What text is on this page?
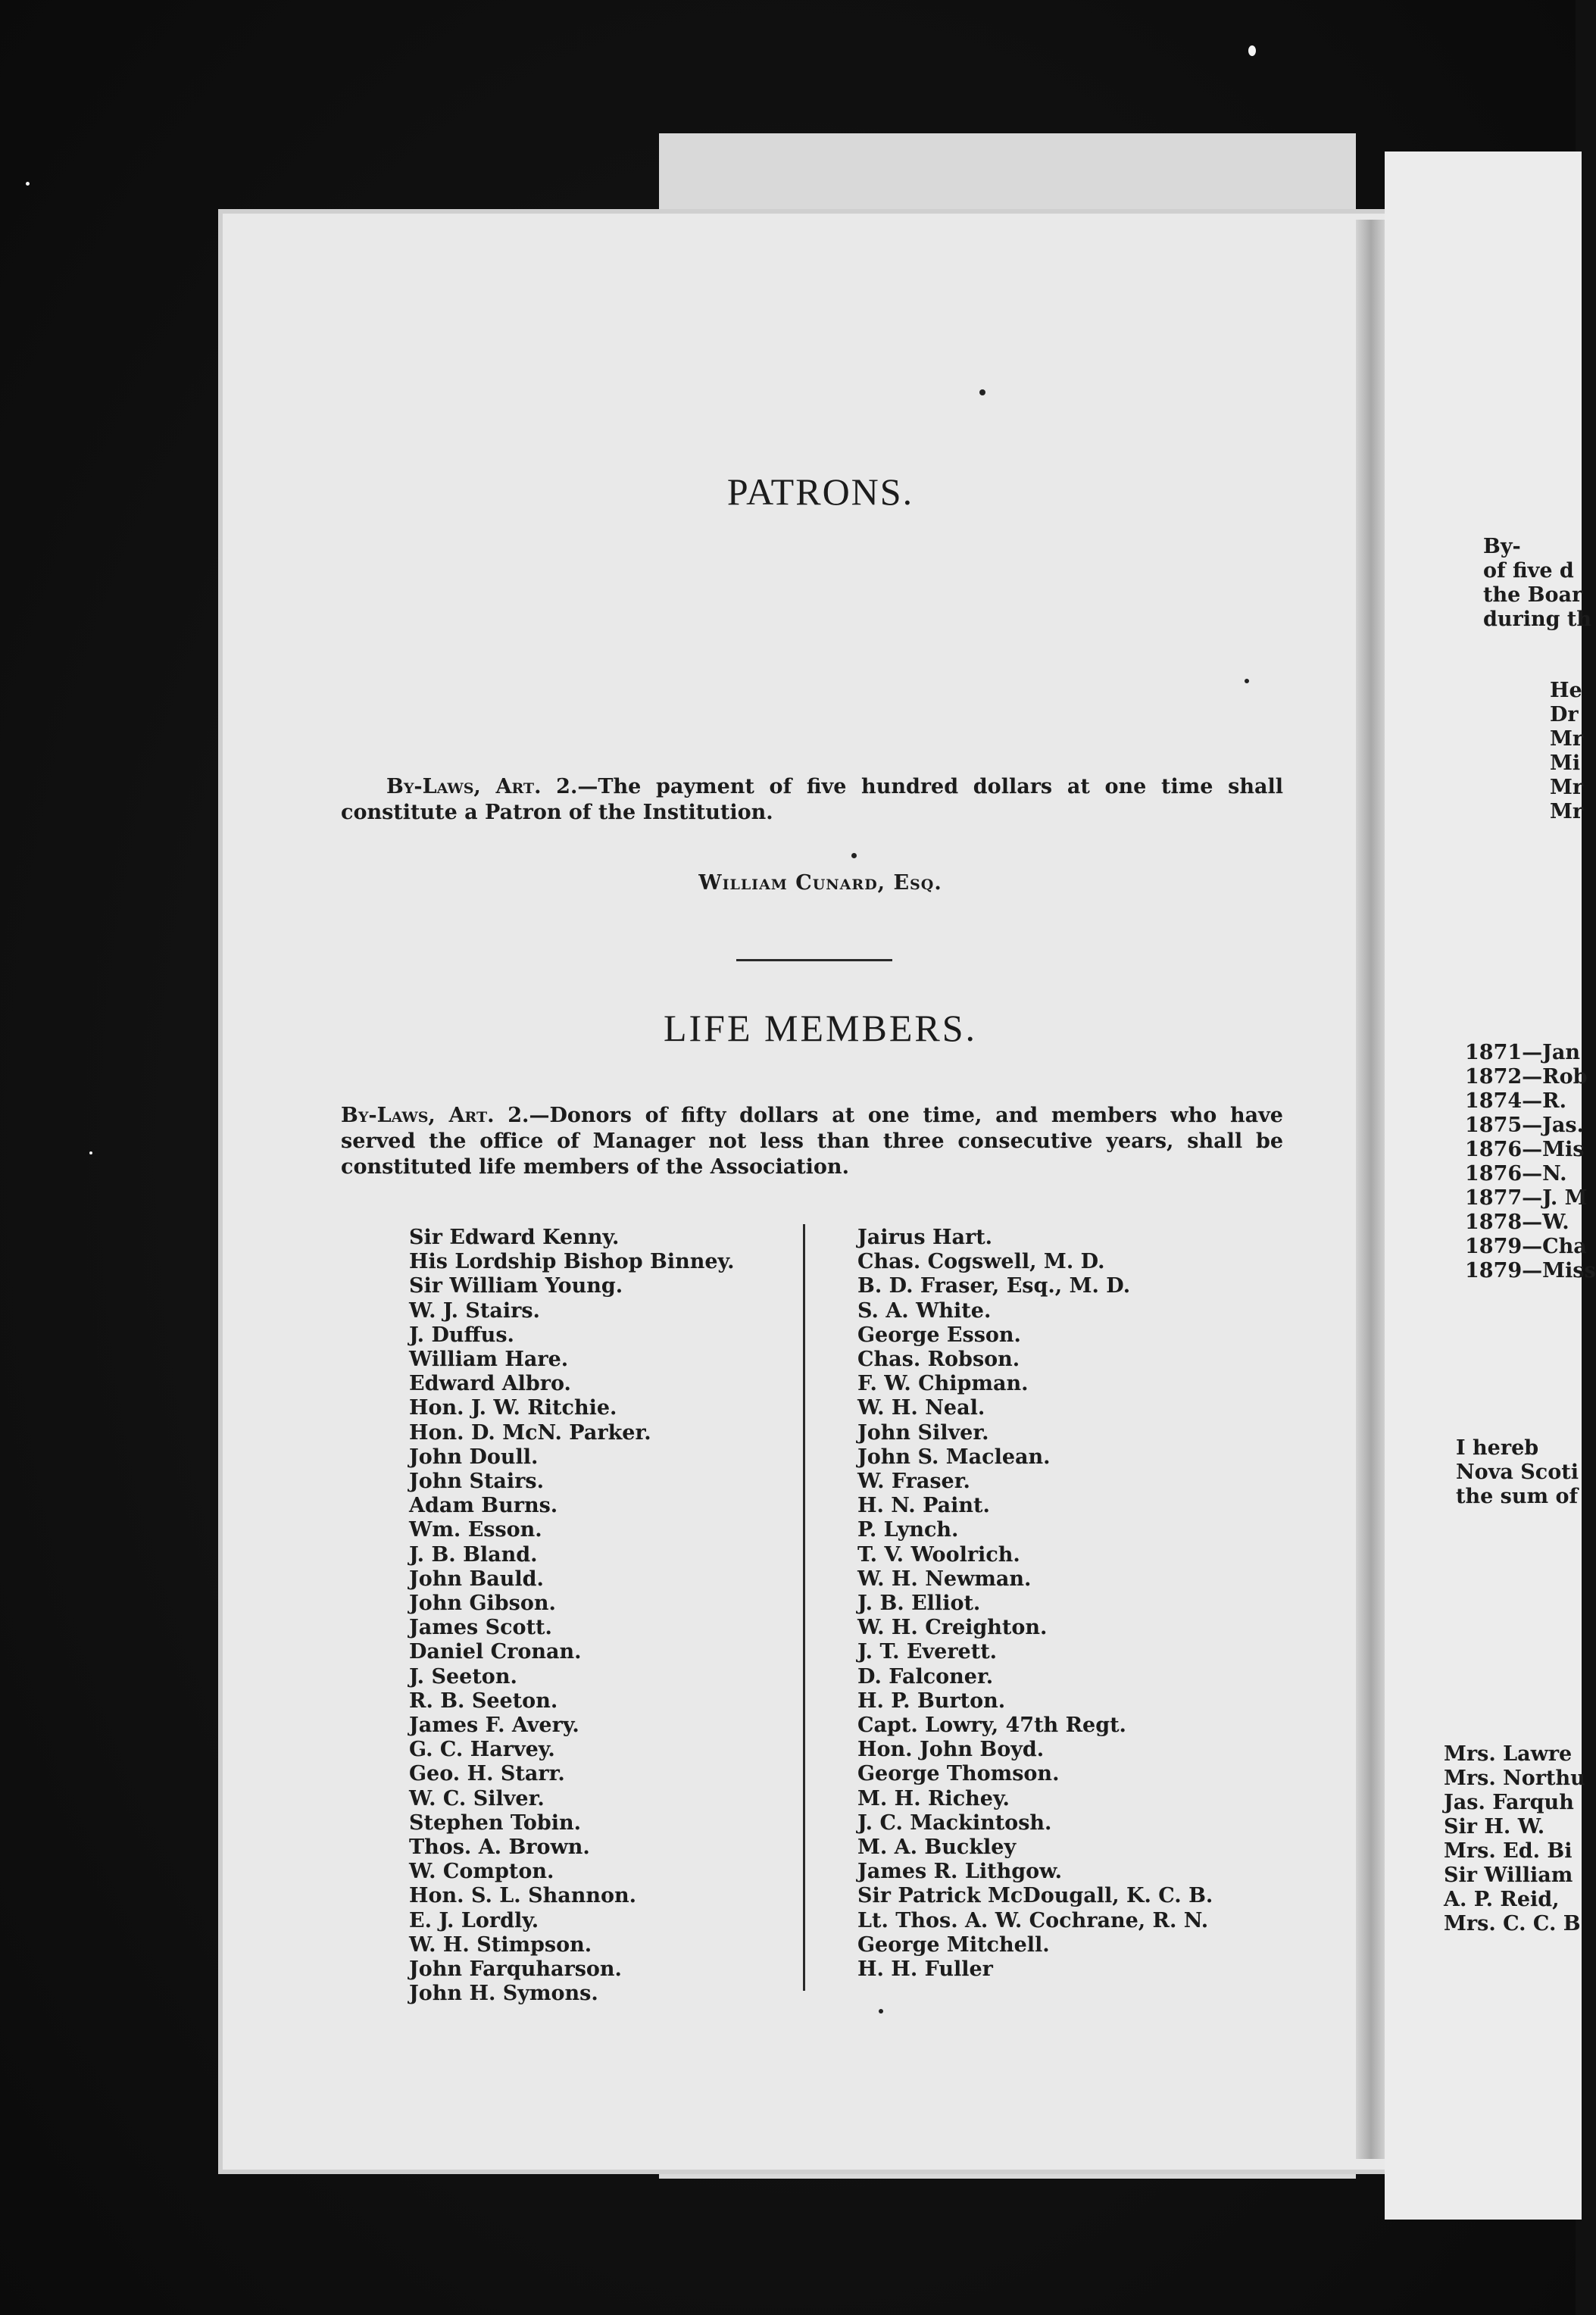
PATRONS.
By-Laws, Art. 2.—The payment of five hundred dollars at one time shall constitute a Patron of the Institution.
William Cunard, Esq.
LIFE MEMBERS.
By-Laws, Art. 2.—Donors of fifty dollars at one time, and members who have served the office of Manager not less than three consecutive years, shall be constituted life members of the Association.
Sir Edward Kenny.
His Lordship Bishop Binney.
Sir William Young.
W. J. Stairs.
J. Duffus.
William Hare.
Edward Albro.
Hon. J. W. Ritchie.
Hon. D. McN. Parker.
John Doull.
John Stairs.
Adam Burns.
Wm. Esson.
J. B. Bland.
John Bauld.
John Gibson.
James Scott.
Daniel Cronan.
J. Seeton.
R. B. Seeton.
James F. Avery.
G. C. Harvey.
Geo. H. Starr.
W. C. Silver.
Stephen Tobin.
Thos. A. Brown.
W. Compton.
Hon. S. L. Shannon.
E. J. Lordly.
W. H. Stimpson.
John Farquharson.
John H. Symons.
Jairus Hart.
Chas. Cogswell, M. D.
B. D. Fraser, Esq., M. D.
S. A. White.
George Esson.
Chas. Robson.
F. W. Chipman.
W. H. Neal.
John Silver.
John S. Maclean.
W. Fraser.
H. N. Paint.
P. Lynch.
T. V. Woolrich.
W. H. Newman.
J. B. Elliot.
W. H. Creighton.
J. T. Everett.
D. Falconer.
H. P. Burton.
Capt. Lowry, 47th Regt.
Hon. John Boyd.
George Thomson.
M. H. Richey.
J. C. Mackintosh.
M. A. Buckley
James R. Lithgow.
Sir Patrick McDougall, K. C. B.
Lt. Thos. A. W. Cochrane, R. N.
George Mitchell.
H. H. Fuller
By-
of five d
the Boar
during th
He
Dr
Mr
Mi
Mr
Mr
1871—Jan
1872—Rob
1874—R.
1875—Jas.
1876—Mis
1876—N.
1877—J. M
1878—W.
1879—Cha
1879—Miss
I hereb
Nova Scoti
the sum of
Mrs. Lawre
Mrs. Northu
Jas. Farquh
Sir H. W.
Mrs. Ed. Bi
Sir William
A. P. Reid,
Mrs. C. C. B
